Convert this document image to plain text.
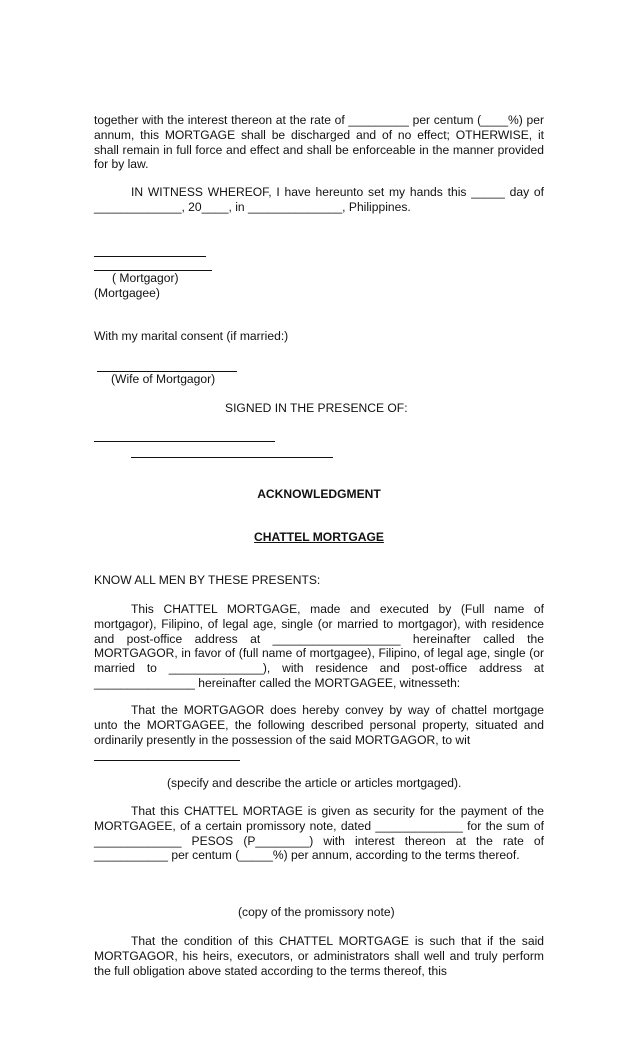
together with the interest thereon at the rate of _________ per centum (____%) per annum, this MORTGAGE shall be discharged and of no effect; OTHERWISE, it shall remain in full force and effect and shall be enforceable in the manner provided for by law.

IN WITNESS WHEREOF, I have hereunto set my hands this _____ day of _____________, 20____, in ______________, Philippines.

( Mortgagor)

(Mortgagee)

With my marital consent (if married:)

(Wife of Mortgagor)

SIGNED IN THE PRESENCE OF:

ACKNOWLEDGMENT

CHATTEL MORTGAGE

KNOW ALL MEN BY THESE PRESENTS:

This CHATTEL MORTGAGE, made and executed by (Full name of mortgagor), Filipino, of legal age, single (or married to mortgagor), with residence and post-office address at ___________________ hereinafter called the MORTGAGOR, in favor of (full name of mortgagee), Filipino, of legal age, single (or married to ______________), with residence and post-office address at _______________ hereinafter called the MORTGAGEE, witnesseth:

That the MORTGAGOR does hereby convey by way of chattel mortgage unto the MORTGAGEE, the following described personal property, situated and ordinarily presently in the possession of the said MORTGAGOR, to wit

(specify and describe the article or articles mortgaged).

That this CHATTEL MORTAGE is given as security for the payment of the MORTGAGEE, of a certain promissory note, dated _____________ for the sum of _____________ PESOS (P________) with interest thereon at the rate of ___________ per centum (_____%) per annum, according to the terms thereof.

(copy of the promissory note)

That the condition of this CHATTEL MORTGAGE is such that if the said MORTGAGOR, his heirs, executors, or administrators shall well and truly perform the full obligation above stated according to the terms thereof, this
